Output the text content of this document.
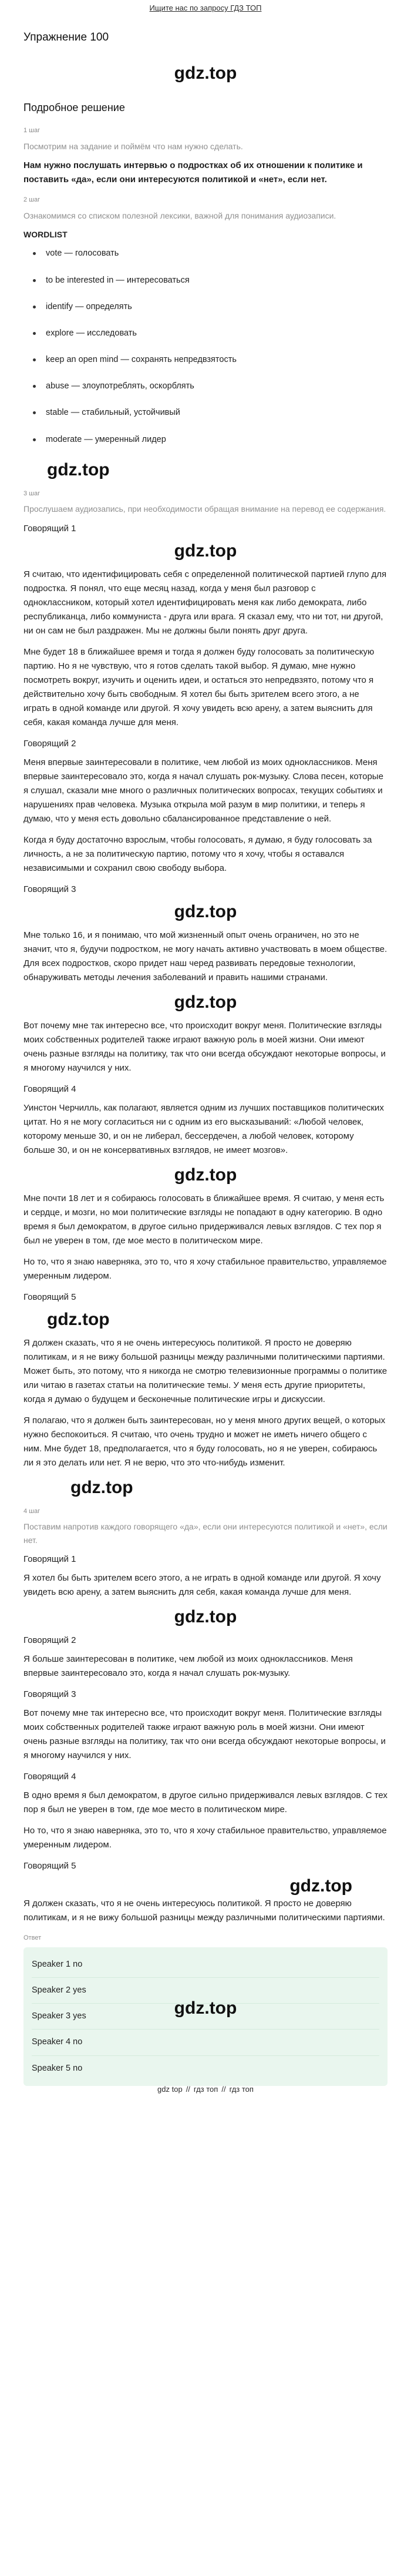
Ищите нас по запросу ГДЗ ТОП
Упражнение 100
gdz.top
Подробное решение
1 шаг
Посмотрим на задание и поймём что нам нужно сделать.
Нам нужно послушать интервью о подростках об их отношении к политике и поставить «да», если они интересуются политикой и «нет», если нет.
2 шаг
Ознакомимся со списком полезной лексики, важной для понимания аудиозаписи.
WORDLIST
vote — голосовать
to be interested in — интересоваться
identify — определять
explore — исследовать
keep an open mind — сохранять непредвзятость
abuse — злоупотреблять, оскорблять
stable — стабильный, устойчивый
moderate — умеренный лидер
gdz.top
3 шаг
Прослушаем аудиозапись, при необходимости обращая внимание на перевод ее содержания.
Говорящий 1
gdz.top

Я считаю, что идентифицировать себя с определенной политической партией глупо для подростка. Я понял, что еще месяц назад, когда у меня был разговор с одноклассником, который хотел идентифицировать меня как либо демократа, либо республиканца, либо коммуниста - друга или врага. Я сказал ему, что ни тот, ни другой, ни он сам не был раздражен. Мы не должны были понять друг друга.

Мне будет 18 в ближайшее время и тогда я должен буду голосовать за политическую партию. Но я не чувствую, что я готов сделать такой выбор. Я думаю, мне нужно посмотреть вокруг, изучить и оценить идеи, и остаться это непредвзято, потому что я действительно хочу быть свободным. Я хотел бы быть зрителем всего этого, а не играть в одной команде или другой. Я хочу увидеть всю арену, а затем выяснить для себя, какая команда лучше для меня.

Говорящий 2

Меня впервые заинтересовали в политике, чем любой из моих одноклассников. Меня впервые заинтересовало это, когда я начал слушать рок-музыку. Слова песен, которые я слушал, сказали мне много о различных политических вопросах, текущих событиях и нарушениях прав человека. Музыка открыла мой разум в мир политики, и теперь я думаю, что у меня есть довольно сбалансированное представление о ней.

Когда я буду достаточно взрослым, чтобы голосовать, я думаю, я буду голосовать за личность, а не за политическую партию, потому что я хочу, чтобы я оставался независимыми и сохранил свою свободу выбора.

Говорящий 3
gdz.top

Мне только 16, и я понимаю, что мой жизненный опыт очень ограничен, но это не значит, что я, будучи подростком, не могу начать активно участвовать в моем обществе. Для всех подростков, скоро придет наш черед развивать передовые технологии, обнаруживать методы лечения заболеваний и править нашими странами.

gdz.top

Вот почему мне так интересно все, что происходит вокруг меня. Политические взгляды моих собственных родителей также играют важную роль в моей жизни. Они имеют очень разные взгляды на политику, так что они всегда обсуждают некоторые вопросы, и я многому научился у них.

Говорящий 4

Уинстон Черчилль, как полагают, является одним из лучших поставщиков политических цитат. Но я не могу согласиться ни с одним из его высказываний: «Любой человек, которому меньше 30, и он не либерал, бессердечен, а любой человек, которому больше 30, и он не консервативных взглядов, не имеет мозгов».

gdz.top

Мне почти 18 лет и я собираюсь голосовать в ближайшее время. Я считаю, у меня есть и сердце, и мозги, но мои политические взгляды не попадают в одну категорию. В одно время я был демократом, в другое сильно придерживался левых взглядов. С тех пор я был не уверен в том, где мое место в политическом мире.

Но то, что я знаю наверняка, это то, что я хочу стабильное правительство, управляемое умеренным лидером.

Говорящий 5
gdz.top

Я должен сказать, что я не очень интересуюсь политикой. Я просто не доверяю политикам, и я не вижу большой разницы между различными политическими партиями. Может быть, это потому, что я никогда не смотрю телевизионные программы о политике или читаю в газетах статьи на политические темы. У меня есть другие приоритеты, когда я думаю о будущем и бесконечные политические игры и дискуссии.

Я полагаю, что я должен быть заинтересован, но у меня много других вещей, о которых нужно беспокоиться. Я считаю, что очень трудно и может не иметь ничего общего с ним. Мне будет 18, предполагается, что я буду голосовать, но я не уверен, собираюсь ли я это делать или нет. Я не верю, что это что-нибудь изменит.

gdz.top
4 шаг
Поставим напротив каждого говорящего «да», если они интересуются политикой и «нет», если нет.
Говорящий 1

Я хотел бы быть зрителем всего этого, а не играть в одной команде или другой. Я хочу увидеть всю арену, а затем выяснить для себя, какая команда лучше для меня.

gdz.top
Говорящий 2

Я больше заинтересован в политике, чем любой из моих одноклассников. Меня впервые заинтересовало это, когда я начал слушать рок-музыку.

Говорящий 3

Вот почему мне так интересно все, что происходит вокруг меня. Политические взгляды моих собственных родителей также играют важную роль в моей жизни. Они имеют очень разные взгляды на политику, так что они всегда обсуждают некоторые вопросы, и я многому научился у них.

Говорящий 4

В одно время я был демократом, в другое сильно придерживался левых взглядов. С тех пор я был не уверен в том, где мое место в политическом мире.

Но то, что я знаю наверняка, это то, что я хочу стабильное правительство, управляемое умеренным лидером.

Говорящий 5
gdz.top

Я должен сказать, что я не очень интересуюсь политикой. Я просто не доверяю политикам, и я не вижу большой разницы между различными политическими партиями.

Ответ
Speaker 1 no
Speaker 2 yes
Speaker 3 yes
Speaker 4 no
Speaker 5 no
gdz.top
gdz top // гдз топ // гдз топ
